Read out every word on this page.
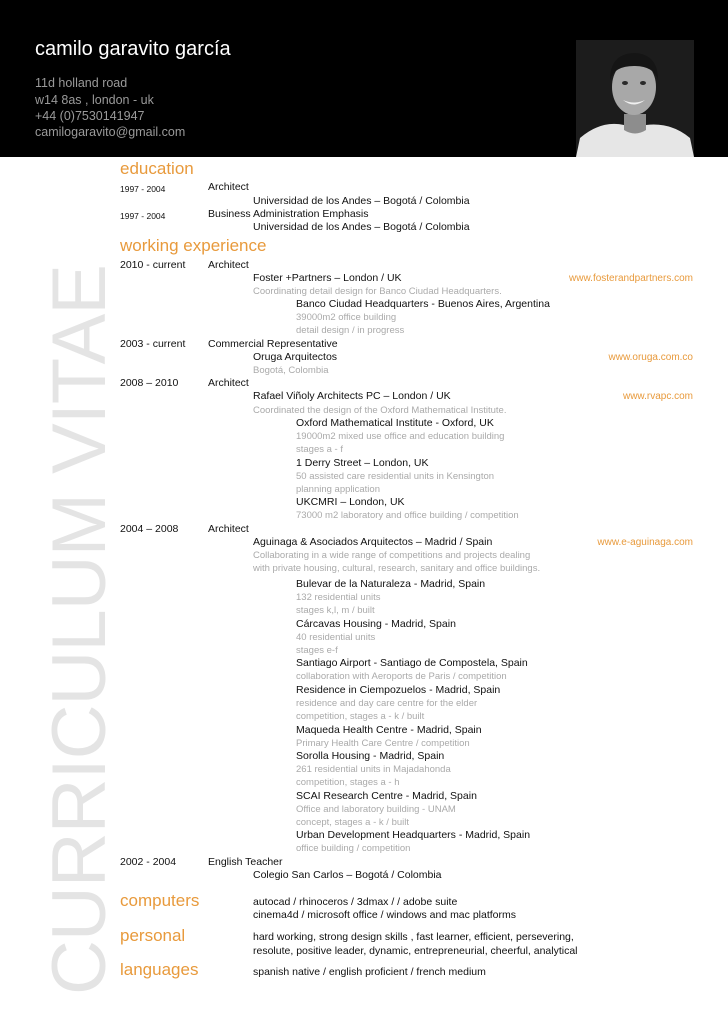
camilo garavito garcía
11d holland road
w14 8as , london - uk
+44 (0)7530141947
camilogaravito@gmail.com
CURRICULUM VITAE
education
1997 - 2004	Architect
Universidad de los Andes – Bogotá / Colombia
1997 - 2004	Business Administration Emphasis
Universidad de los Andes – Bogotá / Colombia
working experience
2010 - current Architect
Foster +Partners – London / UK	www.fosterandpartners.com
Coordinating detail design for Banco Ciudad Headquarters.
Banco Ciudad Headquarters - Buenos Aires, Argentina
39000m2 office building
detail design / in progress
2003 - current Commercial Representative
Oruga Arquitectos	www.oruga.com.co
Bogotá, Colombia
2008 – 2010	Architect
Rafael Viñoly Architects PC – London / UK	www.rvapc.com
Coordinated the design of the Oxford Mathematical Institute.
Oxford Mathematical Institute - Oxford, UK
19000m2 mixed use office and education building
stages a - f
1 Derry Street – London, UK
50 assisted care residential units in Kensington
planning application
UKCMRI – London, UK
73000 m2 laboratory and office building / competition
2004 – 2008	Architect
Aguinaga & Asociados Arquitectos – Madrid / Spain	www.e-aguinaga.com
Collaborating in a wide range of competitions and projects dealing
with private housing, cultural, research, sanitary and office buildings.
Bulevar de la Naturaleza - Madrid, Spain
132 residential units
stages k,l, m / built
Cárcavas Housing - Madrid, Spain
40 residential units
stages e-f
Santiago Airport - Santiago de Compostela, Spain
collaboration with Aeroports de Paris / competition
Residence in Ciempozuelos - Madrid, Spain
residence and day care centre for the elder
competition, stages a - k / built
Maqueda Health Centre - Madrid, Spain
Primary Health Care Centre / competition
Sorolla Housing - Madrid, Spain
261 residential units in Majadahonda
competition, stages a - h
SCAI Research Centre - Madrid, Spain
Office and laboratory building - UNAM
concept, stages a - k / built
Urban Development Headquarters - Madrid, Spain
office building / competition
2002 - 2004	English Teacher
Colegio San Carlos – Bogotá / Colombia
computers	autocad / rhinoceros / 3dmax / / adobe suite
cinema4d / microsoft office / windows and mac platforms
personal	hard working, strong design skills , fast learner, efficient, persevering,
resolute, positive leader, dynamic, entrepreneurial, cheerful, analytical
languages	spanish native / english proficient / french medium
